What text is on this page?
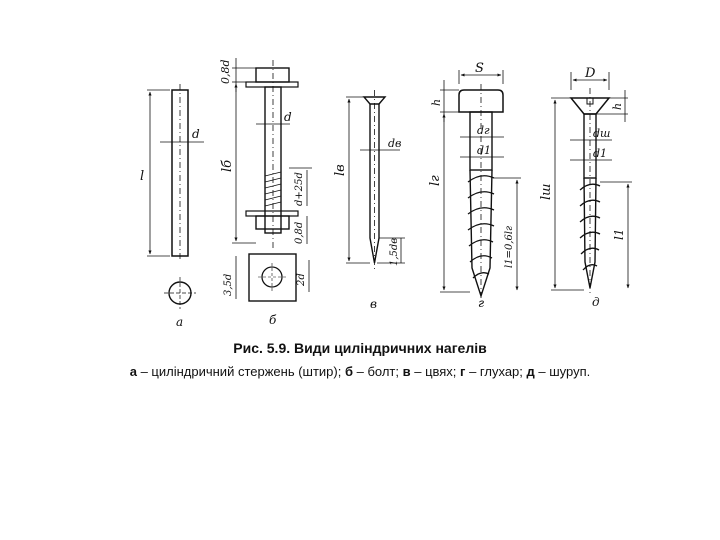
l
d
а
0,8d
lб
d
d+25d
0,8d
3,5d	2d
б
lв
dв
1,5dв
в
S
h
lг
dг
d1
l1=0,6lг
г
D
h
lш
dш
d1
l1
д
Рис. 5.9. Види циліндричних нагелів
а – циліндричний стержень (штир); б – болт; в – цвях; г – глухар; д – шуруп.
